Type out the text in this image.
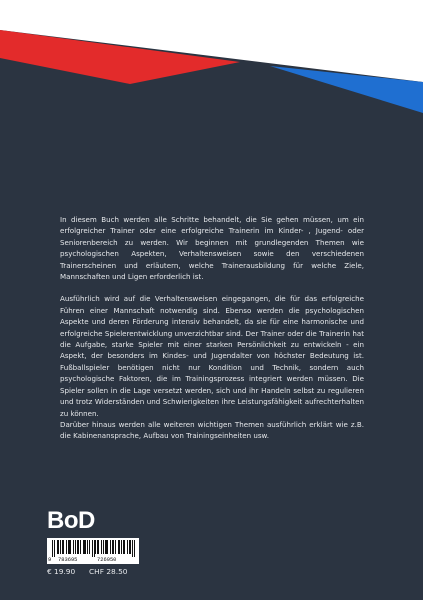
In diesem Buch werden alle Schritte behandelt, die Sie gehen müssen, um ein erfolgreicher Trainer oder eine erfolgreiche Trainerin im Kinder- , Jugend- oder Seniorenbereich zu werden. Wir beginnen mit grundlegenden Themen wie psychologischen Aspekten, Verhaltensweisen sowie den verschiedenen Trainerscheinen und erläutern, welche Trainerausbildung für welche Ziele, Mannschaften und Ligen erforderlich ist.

Ausführlich wird auf die Verhaltensweisen eingegangen, die für das erfolgreiche Führen einer Mannschaft notwendig sind. Ebenso werden die psychologischen Aspekte und deren Förderung intensiv behandelt, da sie für eine harmonische und erfolgreiche Spielerentwicklung unverzichtbar sind. Der Trainer oder die Trainerin hat die Aufgabe, starke Spieler mit einer starken Persönlichkeit zu entwickeln - ein Aspekt, der besonders im Kindes- und Jugendalter von höchster Bedeutung ist. Fußballspieler benötigen nicht nur Kondition und Technik, sondern auch psychologische Faktoren, die im Trainingsprozess integriert werden müssen. Die Spieler sollen in die Lage versetzt werden, sich und ihr Handeln selbst zu regulieren und trotz Widerständen und Schwierigkeiten ihre Leistungsfähigkeit aufrechterhalten zu können.

Darüber hinaus werden alle weiteren wichtigen Themen ausführlich erklärt wie z.B. die Kabinenansprache, Aufbau von Trainingseinheiten usw.

BoD
9 783695	726950
€ 19.90 CHF 28.50
